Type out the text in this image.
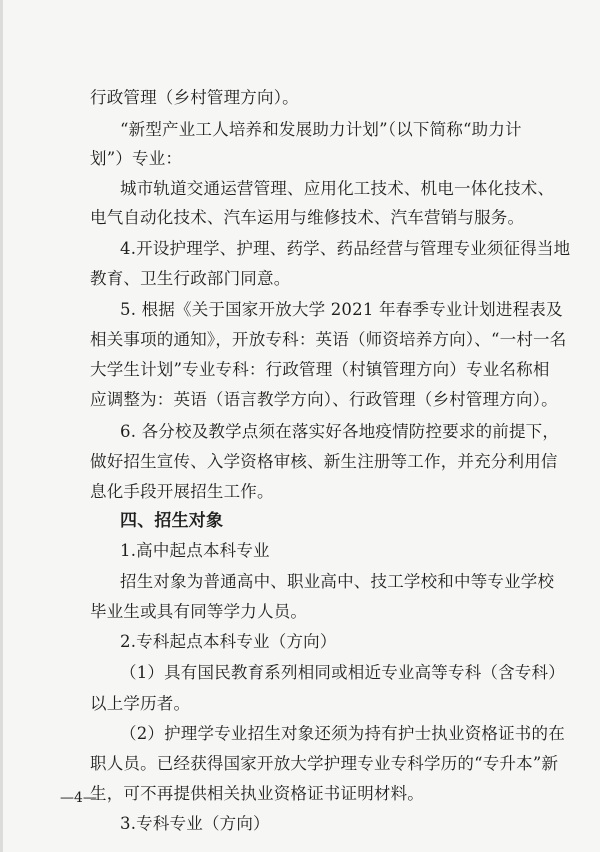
行政管理（乡村管理方向）。
“新型产业工人培养和发展助力计划”（以下简称“助力计
划”）专业：
城市轨道交通运营管理、应用化工技术、机电一体化技术、
电气自动化技术、汽车运用与维修技术、汽车营销与服务。
4.开设护理学、护理、药学、药品经营与管理专业须征得当地
教育、卫生行政部门同意。
5. 根据《关于国家开放大学 2021 年春季专业计划进程表及
相关事项的通知》，开放专科：英语（师资培养方向）、“一村一名
大学生计划”专业专科：行政管理（村镇管理方向）专业名称相
应调整为：英语（语言教学方向）、行政管理（乡村管理方向）。
6. 各分校及教学点须在落实好各地疫情防控要求的前提下，
做好招生宣传、入学资格审核、新生注册等工作，并充分利用信
息化手段开展招生工作。
四、招生对象
1.高中起点本科专业
招生对象为普通高中、职业高中、技工学校和中等专业学校
毕业生或具有同等学力人员。
2.专科起点本科专业（方向）
（1）具有国民教育系列相同或相近专业高等专科（含专科）
以上学历者。
（2）护理学专业招生对象还须为持有护士执业资格证书的在
职人员。已经获得国家开放大学护理专业专科学历的“专升本”新
生，可不再提供相关执业资格证书证明材料。
3.专科专业（方向）
—4—
